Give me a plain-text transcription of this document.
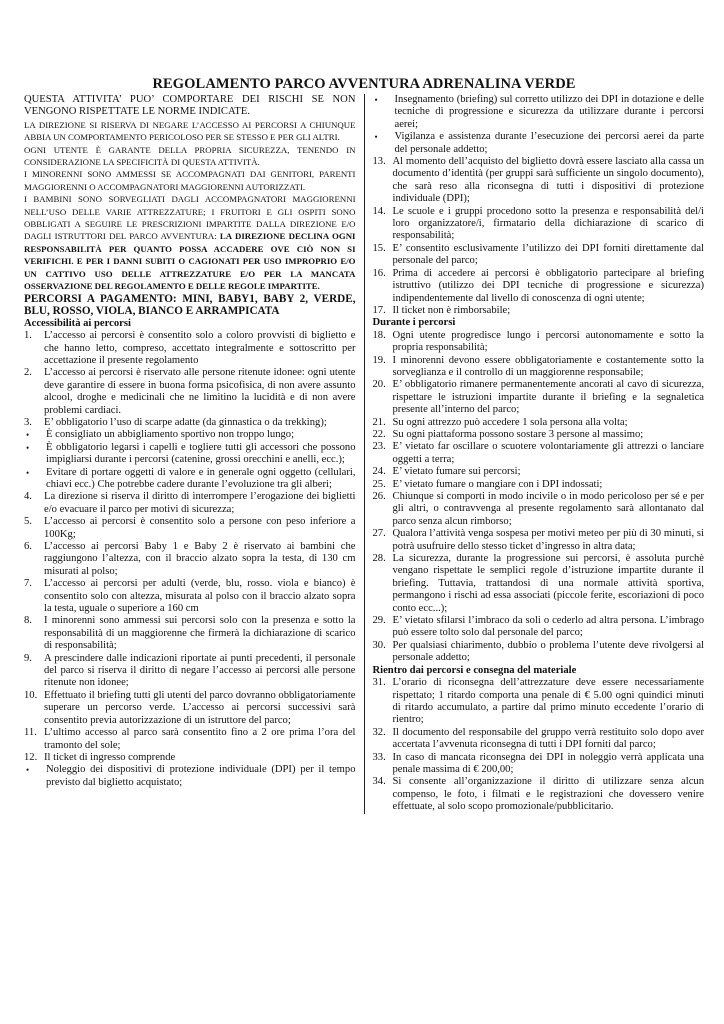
REGOLAMENTO PARCO AVVENTURA ADRENALINA VERDE

QUESTA ATTIVITA’ PUO’ COMPORTARE DEI RISCHI SE NON VENGONO RISPETTATE LE NORME INDICATE.

LA DIREZIONE SI RISERVA DI NEGARE L’ACCESSO AI PERCORSI A CHIUNQUE ABBIA UN COMPORTAMENTO PERICOLOSO PER SE STESSO E PER GLI ALTRI.

OGNI UTENTE È GARANTE DELLA PROPRIA SICUREZZA, TENENDO IN CONSIDERAZIONE LA SPECIFICITÀ DI QUESTA ATTIVITÀ.

I MINORENNI SONO AMMESSI SE ACCOMPAGNATI DAI GENITORI, PARENTI MAGGIORENNI O ACCOMPAGNATORI MAGGIORENNI AUTORIZZATI.

I BAMBINI SONO SORVEGLIATI DAGLI ACCOMPAGNATORI MAGGIORENNI NELL’USO DELLE VARIE ATTREZZATURE; I FRUITORI E GLI OSPITI SONO OBBLIGATI A SEGUIRE LE PRESCRIZIONI IMPARTITE DALLA DIREZIONE E/O DAGLI ISTRUTTORI DEL PARCO AVVENTURA: LA DIREZIONE DECLINA OGNI RESPONSABILITÀ PER QUANTO POSSA ACCADERE OVE CIÒ NON SI VERIFICHI. E PER I DANNI SUBITI O CAGIONATI PER USO IMPROPRIO E/O UN CATTIVO USO DELLE ATTREZZATURE E/O PER LA MANCATA OSSERVAZIONE DEL REGOLAMENTO E DELLE REGOLE IMPARTITE.

PERCORSI A PAGAMENTO: MINI, BABY1, BABY 2, VERDE, BLU, ROSSO, VIOLA, BIANCO E ARRAMPICATA

Accessibilità ai percorsi

1.	L’accesso ai percorsi è consentito solo a coloro provvisti di biglietto e che hanno letto, compreso, accettato integralmente e sottoscritto per accettazione il presente regolamento
2.	L’accesso ai percorsi è riservato alle persone ritenute idonee: ogni utente deve garantire di essere in buona forma psicofisica, di non avere assunto alcool, droghe e medicinali che ne limitino la lucidità e di non avere problemi cardiaci.
3.	E’ obbligatorio l’uso di scarpe adatte (da ginnastica o da trekking);
•	È consigliato un abbigliamento sportivo non troppo lungo;
•	È obbligatorio legarsi i capelli e togliere tutti gli accessori che possono impigliarsi durante i percorsi (catenine, grossi orecchini e anelli, ecc.);
•	Evitare di portare oggetti di valore e in generale ogni oggetto (cellulari, chiavi ecc.) Che potrebbe cadere durante l’evoluzione tra gli alberi;
4.	La direzione si riserva il diritto di interrompere l’erogazione dei biglietti e/o evacuare il parco per motivi di sicurezza;
5.	L’accesso ai percorsi è consentito solo a persone con peso inferiore a 100Kg;
6.	L’accesso ai percorsi Baby 1 e Baby 2 è riservato ai bambini che raggiungono l’altezza, con il braccio alzato sopra la testa, di 130 cm misurati al polso;
7.	L’accesso ai percorsi per adulti (verde, blu, rosso. viola e bianco) è consentito solo con altezza, misurata al polso con il braccio alzato sopra la testa, uguale o superiore a 160 cm
8.	I minorenni sono ammessi sui percorsi solo con la presenza e sotto la responsabilità di un maggiorenne che firmerà la dichiarazione di scarico di responsabilità;
9.	A prescindere dalle indicazioni riportate ai punti precedenti, il personale del parco si riserva il diritto di negare l’accesso ai percorsi alle persone ritenute non idonee;
10. Effettuato il briefing tutti gli utenti del parco dovranno obbligatoriamente superare un percorso verde. L’accesso ai percorsi successivi sarà consentito previa autorizzazione di un istruttore del parco;
11. L’ultimo accesso al parco sarà consentito fino a 2 ore prima l’ora del tramonto del sole;
12. Il ticket di ingresso comprende
•	Noleggio dei dispositivi di protezione individuale (DPI) per il tempo previsto dal biglietto acquistato;
•	Insegnamento (briefing) sul corretto utilizzo dei DPI in dotazione e delle tecniche di progressione e sicurezza da utilizzare durante i percorsi aerei;
•	Vigilanza e assistenza durante l’esecuzione dei percorsi aerei da parte del personale addetto;
13. Al momento dell’acquisto del biglietto dovrà essere lasciato alla cassa un documento d’identità (per gruppi sarà sufficiente un singolo documento), che sarà reso alla riconsegna di tutti i dispositivi di protezione individuale (DPI);
14. Le scuole e i gruppi procedono sotto la presenza e responsabilità del/i loro organizzatore/i, firmatario della dichiarazione di scarico di responsabilità;
15. E’ consentito esclusivamente l’utilizzo dei DPI forniti direttamente dal personale del parco;
16. Prima di accedere ai percorsi è obbligatorio partecipare al briefing istruttivo (utilizzo dei DPI tecniche di progressione e sicurezza) indipendentemente dal livello di conoscenza di ogni utente;
17. Il ticket non è rimborsabile;

Durante i percorsi

18. Ogni utente progredisce lungo i percorsi autonomamente e sotto la propria responsabilità;
19. I minorenni devono essere obbligatoriamente e costantemente sotto la sorveglianza e il controllo di un maggiorenne responsabile;
20. E’ obbligatorio rimanere permanentemente ancorati al cavo di sicurezza, rispettare le istruzioni impartite durante il briefing e la segnaletica presente all’interno del parco;
21. Su ogni attrezzo può accedere 1 sola persona alla volta;
22. Su ogni piattaforma possono sostare 3 persone al massimo;
23. E’ vietato far oscillare o scuotere volontariamente gli attrezzi o lanciare oggetti a terra;
24. E’ vietato fumare sui percorsi;
25. E’ vietato fumare o mangiare con i DPI indossati;
26. Chiunque si comporti in modo incivile o in modo pericoloso per sé e per gli altri, o contravvenga al presente regolamento sarà allontanato dal parco senza alcun rimborso;
27. Qualora l’attività venga sospesa per motivi meteo per più di 30 minuti, si potrà usufruire dello stesso ticket d’ingresso in altra data;
28. La sicurezza, durante la progressione sui percorsi, è assoluta purchè vengano rispettate le semplici regole d’istruzione impartite durante il briefing. Tuttavia, trattandosi di una normale attività sportiva, permangono i rischi ad essa associati (piccole ferite, escoriazioni di poco conto ecc...);
29. E’ vietato sfilarsi l’imbraco da soli o cederlo ad altra persona. L’imbrago può essere tolto solo dal personale del parco;
30. Per qualsiasi chiarimento, dubbio o problema l’utente deve rivolgersi al personale addetto;

Rientro dai percorsi e consegna del materiale

31. L’orario di riconsegna dell’attrezzature deve essere necessariamente rispettato; 1 ritardo comporta una penale di € 5.00 ogni quindici minuti di ritardo accumulato, a partire dal primo minuto eccedente l’orario di rientro;
32. Il documento del responsabile del gruppo verrà restituito solo dopo aver accertata l’avvenuta riconsegna di tutti i DPI forniti dal parco;
33. In caso di mancata riconsegna dei DPI in noleggio verrà applicata una penale massima di € 200,00;
34. Si consente all’organizzazione il diritto di utilizzare senza alcun compenso, le foto, i filmati e le registrazioni che dovessero venire effettuate, al solo scopo promozionale/pubblicitario.
